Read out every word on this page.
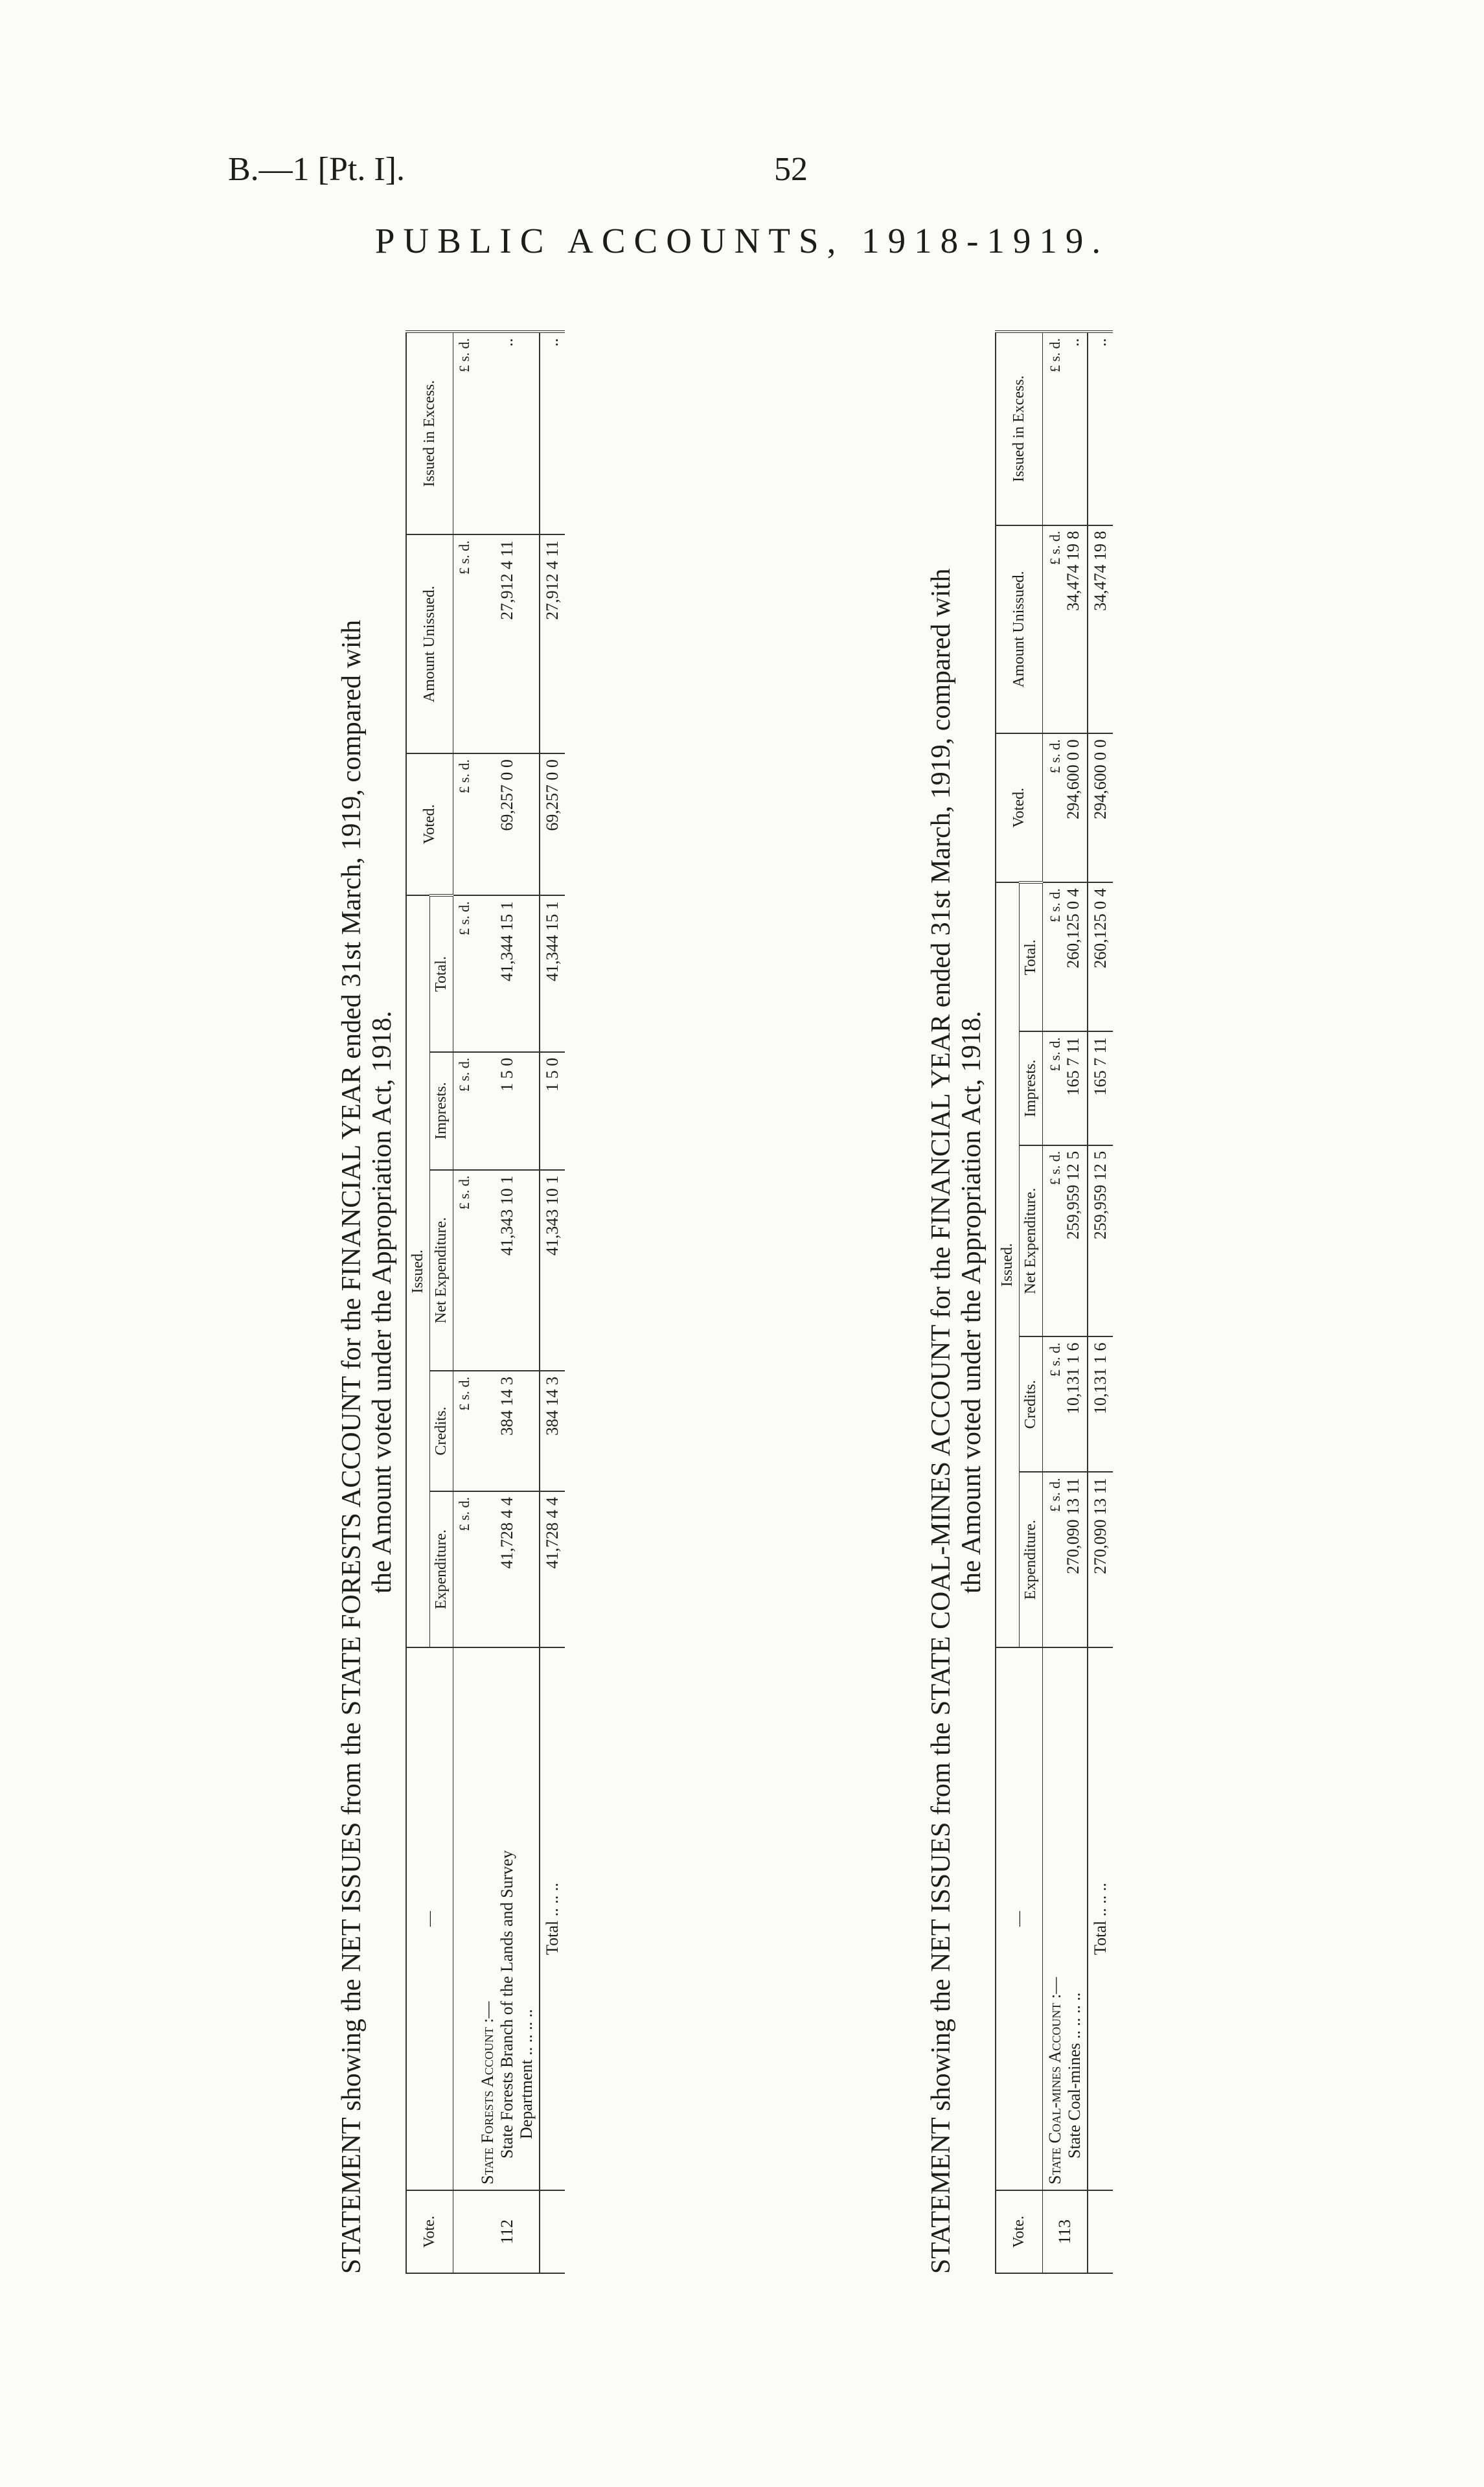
B.—1 [Pt. I].	52
PUBLIC ACCOUNTS, 1918-1919.
STATEMENT showing the NET ISSUES from the STATE FORESTS ACCOUNT for the FINANCIAL YEAR ended 31st March, 1919, compared with the Amount voted under the Appropriation Act, 1918.
Vote.	—	Issued.					Voted.	Amount Unissued.	Issued in Excess.
		Expenditure.	Credits.	Net Expenditure.	Imprests.	Total.			
		£ s. d.	£ s. d.	£ s. d.	£ s. d.	£ s. d.	£ s. d.	£ s. d.	£ s. d.
112	State Forests Account :— State Forests Branch of the Lands and Survey Department .. .. .. ..	41,728 4 4	384 14 3	41,343 10 1	1 5 0	41,344 15 1	69,257 0 0	27,912 4 11	..
	Total .. .. ..	41,728 4 4	384 14 3	41,343 10 1	1 5 0	41,344 15 1	69,257 0 0	27,912 4 11	..
STATEMENT showing the NET ISSUES from the STATE COAL-MINES ACCOUNT for the FINANCIAL YEAR ended 31st March, 1919, compared with the Amount voted under the Appropriation Act, 1918.
Vote.	—	Issued.					Voted.	Amount Unissued.	Issued in Excess.
		Expenditure.	Credits.	Net Expenditure.	Imprests.	Total.			
113	State Coal-mines Account :— State Coal-mines .. .. .. ..	£ s. d. 270,090 13 11	£ s. d. 10,131 1 6	£ s. d. 259,959 12 5	£ s. d. 165 7 11	£ s. d. 260,125 0 4	£ s. d. 294,600 0 0	£ s. d. 34,474 19 8	£ s. d. ..
	Total .. .. ..	270,090 13 11	10,131 1 6	259,959 12 5	165 7 11	260,125 0 4	294,600 0 0	34,474 19 8	..
